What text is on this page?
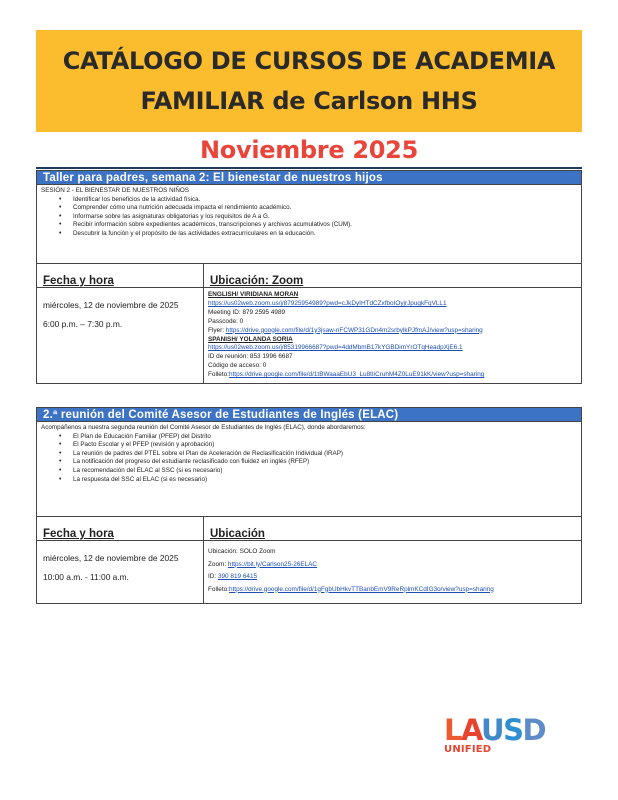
CATÁLOGO DE CURSOS DE ACADEMIA
FAMILIAR de Carlson HHS
Noviembre 2025
Taller para padres, semana 2: El bienestar de nuestros hijos
SESIÓN 2 - EL BIENESTAR DE NUESTROS NIÑOS
• Identificar los beneficios de la actividad física.
• Comprender cómo una nutrición adecuada impacta el rendimiento académico.
• Informarse sobre las asignaturas obligatorias y los requisitos de A a G.
• Recibir información sobre expedientes académicos, transcripciones y archivos acumulativos (CUM).
• Descubrir la función y el propósito de las actividades extracurriculares en la educación.
Fecha y hora
miércoles, 12 de noviembre de 2025
6:00 p.m. – 7:30 p.m.
Ubicación: Zoom
ENGLISH/ VIRIDIANA MORAN
https://us02web.zoom.us/j/87925954989?pwd=cJkDyIHTdCZxfboIOyjrJpugkFqVLL1
Meeting ID: 879 2595 4989
Passcode: 0
Flyer: https://drive.google.com/file/d/1y3jsaw-nFCWP31GDn4m2srbylkPJfmAJ/view?usp=sharing
SPANISH/ YOLANDA SORIA
https://us02web.zoom.us/j/85319966687?pwd=4ddMbmB17kYGBDimYrOTqHeadpXjE6.1
ID de reunión: 853 1996 6687
Código de acceso: 0
Folleto:https://drive.google.com/file/d/1tBWaaaEbU3_Lu8tIiCruhM4Z0LuE91kK/view?usp=sharing
2.ª reunión del Comité Asesor de Estudiantes de Inglés (ELAC)
Acompáñenos a nuestra segunda reunión del Comité Asesor de Estudiantes de Inglés (ELAC), donde abordaremos:
• El Plan de Educación Familiar (PFEP) del Distrito
• El Pacto Escolar y el PFEP (revisión y aprobación)
• La reunión de padres del PTEL sobre el Plan de Aceleración de Reclasificación Individual (IRAP)
• La notificación del progreso del estudiante reclasificado con fluidez en inglés (RFEP)
• La recomendación del ELAC al SSC (si es necesario)
• La respuesta del SSC al ELAC (si es necesario)
Fecha y hora
miércoles, 12 de noviembre de 2025
10:00 a.m. - 11:00 a.m.
Ubicación
Ubicación: SOLO Zoom
Zoom: https://bit.ly/Carlson25-26ELAC
ID: 390 819 6415
Folleto:https://drive.google.com/file/d/1gFgbUbHkvTTBanbEmV9ReRplmKCdIG3o/view?usp=sharing
LAUSD
UNIFIED
